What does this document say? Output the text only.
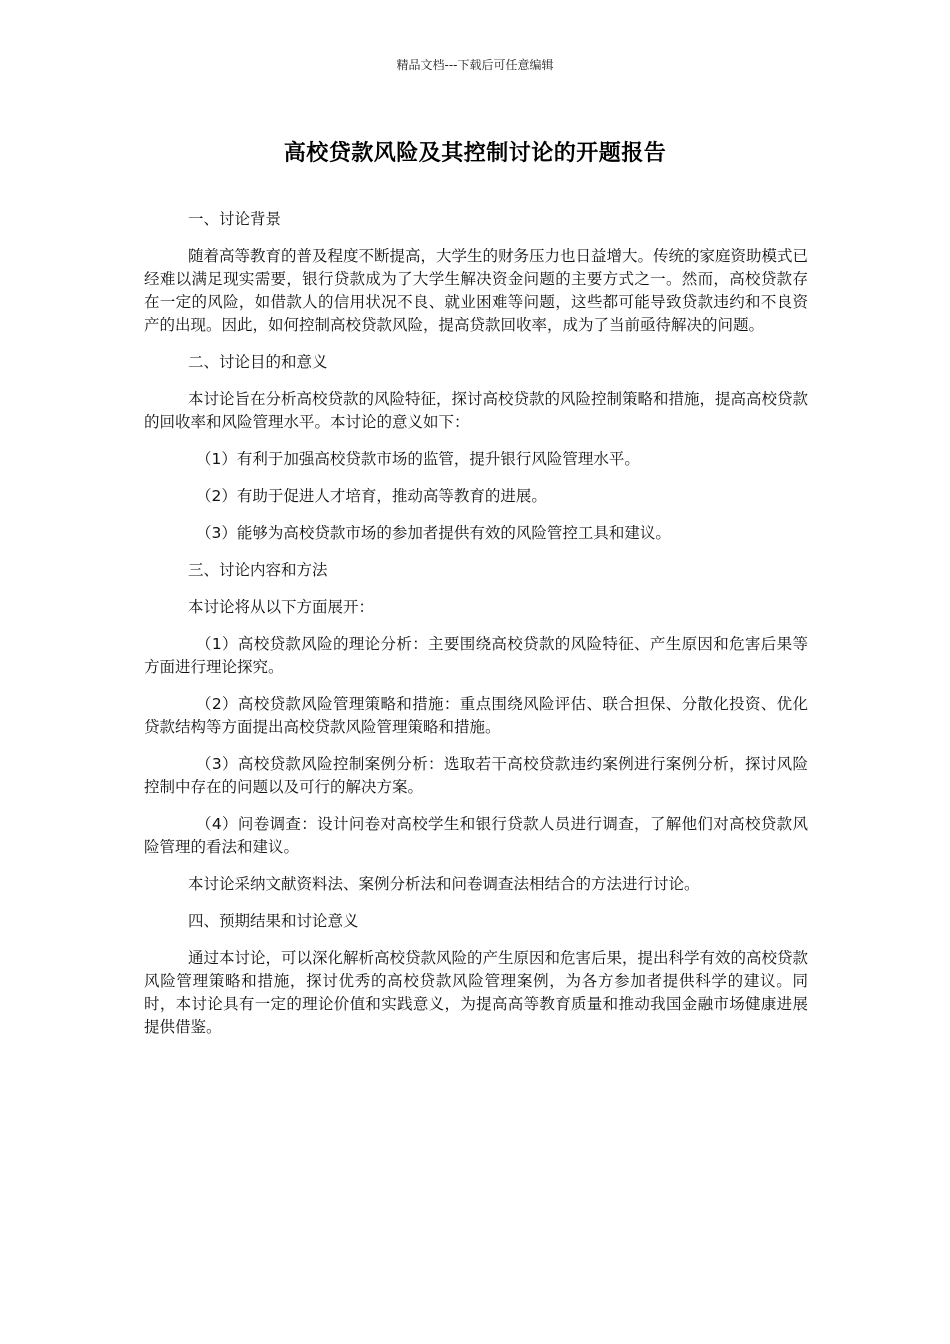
精品文档---下载后可任意编辑
高校贷款风险及其控制讨论的开题报告
一、讨论背景
随着高等教育的普及程度不断提高，大学生的财务压力也日益增大。传统的家庭资助模式已经难以满足现实需要，银行贷款成为了大学生解决资金问题的主要方式之一。然而，高校贷款存在一定的风险，如借款人的信用状况不良、就业困难等问题，这些都可能导致贷款违约和不良资产的出现。因此，如何控制高校贷款风险，提高贷款回收率，成为了当前亟待解决的问题。
二、讨论目的和意义
本讨论旨在分析高校贷款的风险特征，探讨高校贷款的风险控制策略和措施，提高高校贷款的回收率和风险管理水平。本讨论的意义如下：
（1）有利于加强高校贷款市场的监管，提升银行风险管理水平。
（2）有助于促进人才培育，推动高等教育的进展。
（3）能够为高校贷款市场的参加者提供有效的风险管控工具和建议。
三、讨论内容和方法
本讨论将从以下方面展开：
（1）高校贷款风险的理论分析：主要围绕高校贷款的风险特征、产生原因和危害后果等方面进行理论探究。
（2）高校贷款风险管理策略和措施：重点围绕风险评估、联合担保、分散化投资、优化贷款结构等方面提出高校贷款风险管理策略和措施。
（3）高校贷款风险控制案例分析：选取若干高校贷款违约案例进行案例分析，探讨风险控制中存在的问题以及可行的解决方案。
（4）问卷调查：设计问卷对高校学生和银行贷款人员进行调查，了解他们对高校贷款风险管理的看法和建议。
本讨论采纳文献资料法、案例分析法和问卷调查法相结合的方法进行讨论。
四、预期结果和讨论意义
通过本讨论，可以深化解析高校贷款风险的产生原因和危害后果，提出科学有效的高校贷款风险管理策略和措施，探讨优秀的高校贷款风险管理案例，为各方参加者提供科学的建议。同时，本讨论具有一定的理论价值和实践意义，为提高高等教育质量和推动我国金融市场健康进展提供借鉴。
